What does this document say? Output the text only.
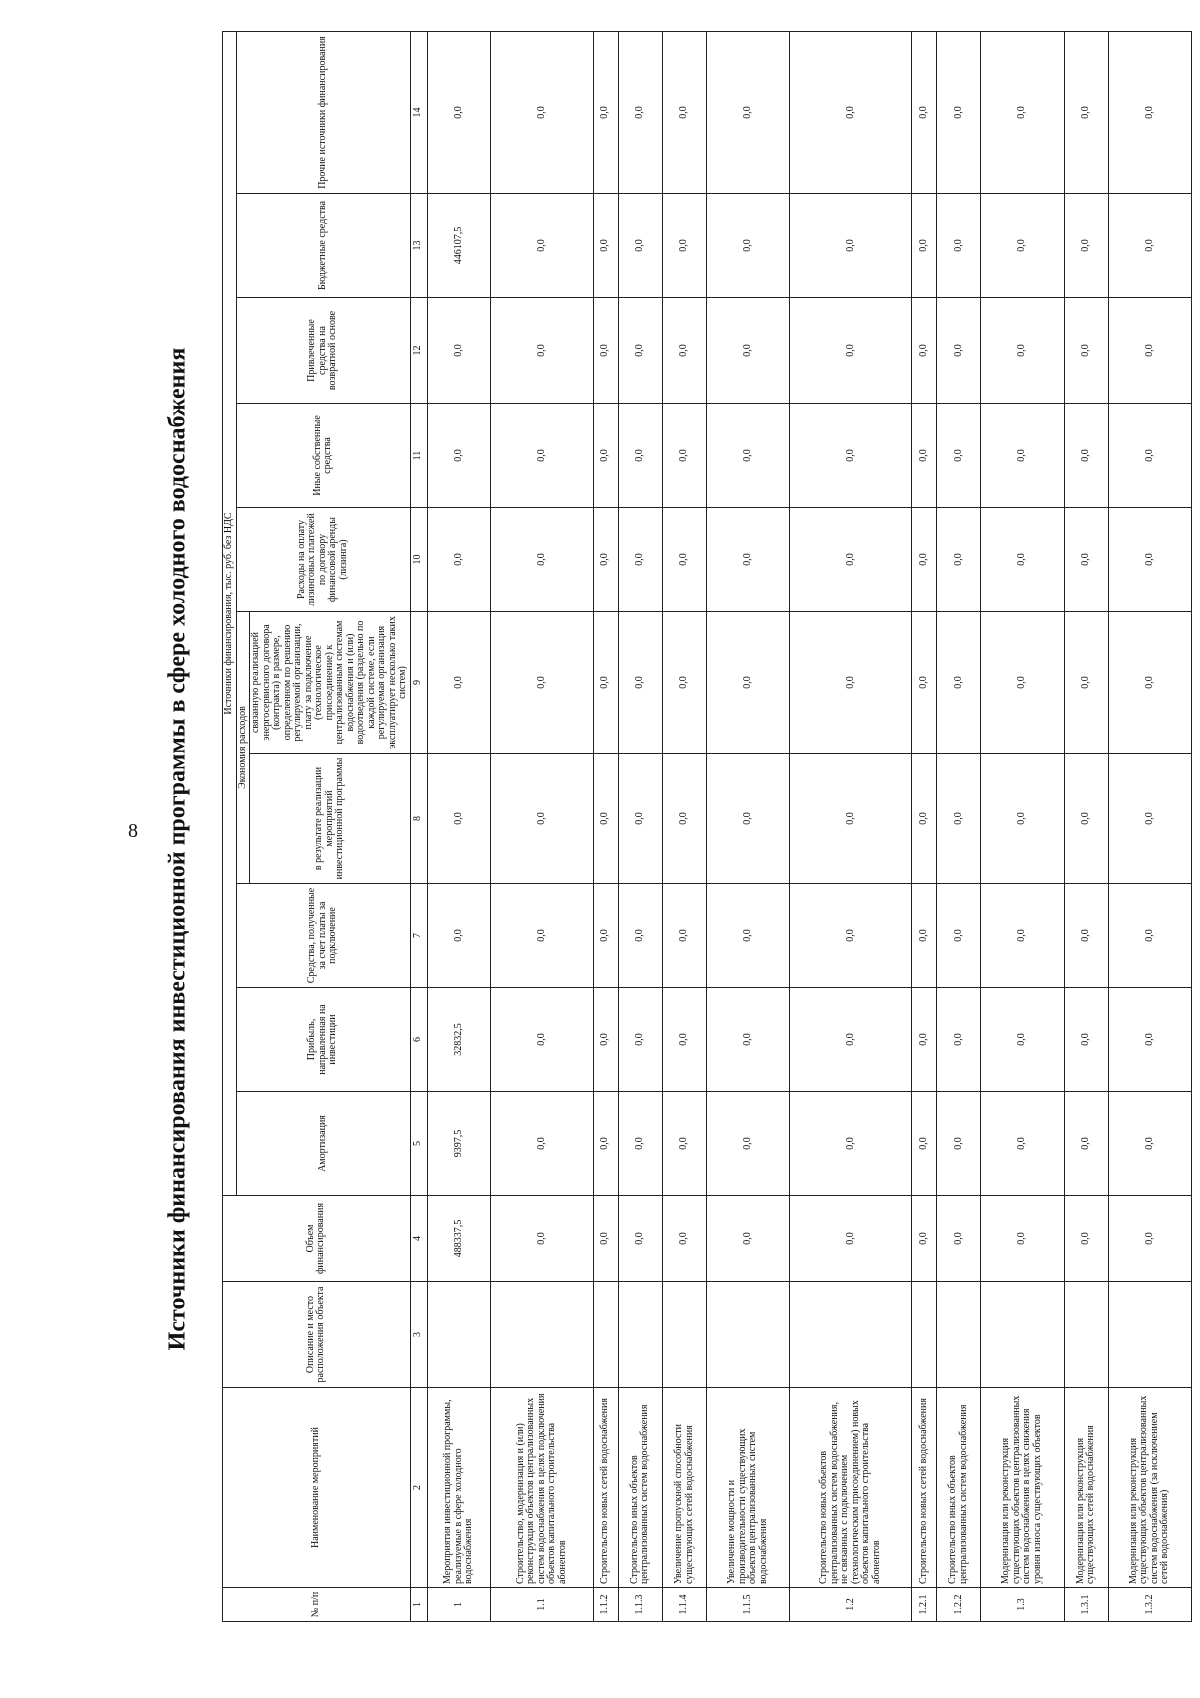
8 Источники финансирования инвестиционной программы в сфере холодного водоснабжения
№ п/п	Наименование мероприятий	Описание и место расположения объекта	Объем финансирования	Источники финансирования, тыс. руб. без НДС									
				Амортизация	Прибыль, направленная на инвестиции	Средства, полученные за счет платы за подключение	Экономия расходов		Расходы на оплату лизинговых платежей по договору финансовой аренды (лизинга)	Иные собственные средства	Привлеченные средства на возвратной основе	Бюджетные средства	Прочие источники финансирования
							в результате реализации мероприятий инвестиционной программы	связанную реализацией энергосервисного договора (контракта) в размере, определенном по решению регулируемой организации, плату за подключение (технологическое присоединение) к централизованным системам водоснабжения и (или) водоотведения (раздельно по каждой системе, если регулируемая организация эксплуатирует несколько таких систем)					
1	2	3	4	5	6	7	8	9	10	11	12	13	14
1	Мероприятия инвестиционной программы, реализуемые в сфере холодного водоснабжения		488337,5	9397,5	32832,5	0,0	0,0	0,0	0,0	0,0	0,0	446107,5	0,0
1.1	Строительство, модернизация и (или) реконструкция объектов централизованных систем водоснабжения в целях подключения объектов капитального строительства абонентов		0,0	0,0	0,0	0,0	0,0	0,0	0,0	0,0	0,0	0,0	0,0
1.1.2	Строительство новых сетей водоснабжения		0,0	0,0	0,0	0,0	0,0	0,0	0,0	0,0	0,0	0,0	0,0
1.1.3	Строительство иных объектов централизованных систем водоснабжения		0,0	0,0	0,0	0,0	0,0	0,0	0,0	0,0	0,0	0,0	0,0
1.1.4	Увеличение пропускной способности существующих сетей водоснабжения		0,0	0,0	0,0	0,0	0,0	0,0	0,0	0,0	0,0	0,0	0,0
1.1.5	Увеличение мощности и производительности существующих объектов централизованных систем водоснабжения		0,0	0,0	0,0	0,0	0,0	0,0	0,0	0,0	0,0	0,0	0,0
1.2	Строительство новых объектов централизованных систем водоснабжения, не связанных с подключением (технологическим присоединением) новых объектов капитального строительства абонентов		0,0	0,0	0,0	0,0	0,0	0,0	0,0	0,0	0,0	0,0	0,0
1.2.1	Строительство новых сетей водоснабжения		0,0	0,0	0,0	0,0	0,0	0,0	0,0	0,0	0,0	0,0	0,0
1.2.2	Строительство иных объектов централизованных систем водоснабжения		0,0	0,0	0,0	0,0	0,0	0,0	0,0	0,0	0,0	0,0	0,0
1.3	Модернизация или реконструкция существующих объектов централизованных систем водоснабжения в целях снижения уровня износа существующих объектов		0,0	0,0	0,0	0,0	0,0	0,0	0,0	0,0	0,0	0,0	0,0
1.3.1	Модернизация или реконструкция существующих сетей водоснабжения		0,0	0,0	0,0	0,0	0,0	0,0	0,0	0,0	0,0	0,0	0,0
1.3.2	Модернизация или реконструкция существующих объектов централизованных систем водоснабжения (за исключением сетей водоснабжения)		0,0	0,0	0,0	0,0	0,0	0,0	0,0	0,0	0,0	0,0	0,0
